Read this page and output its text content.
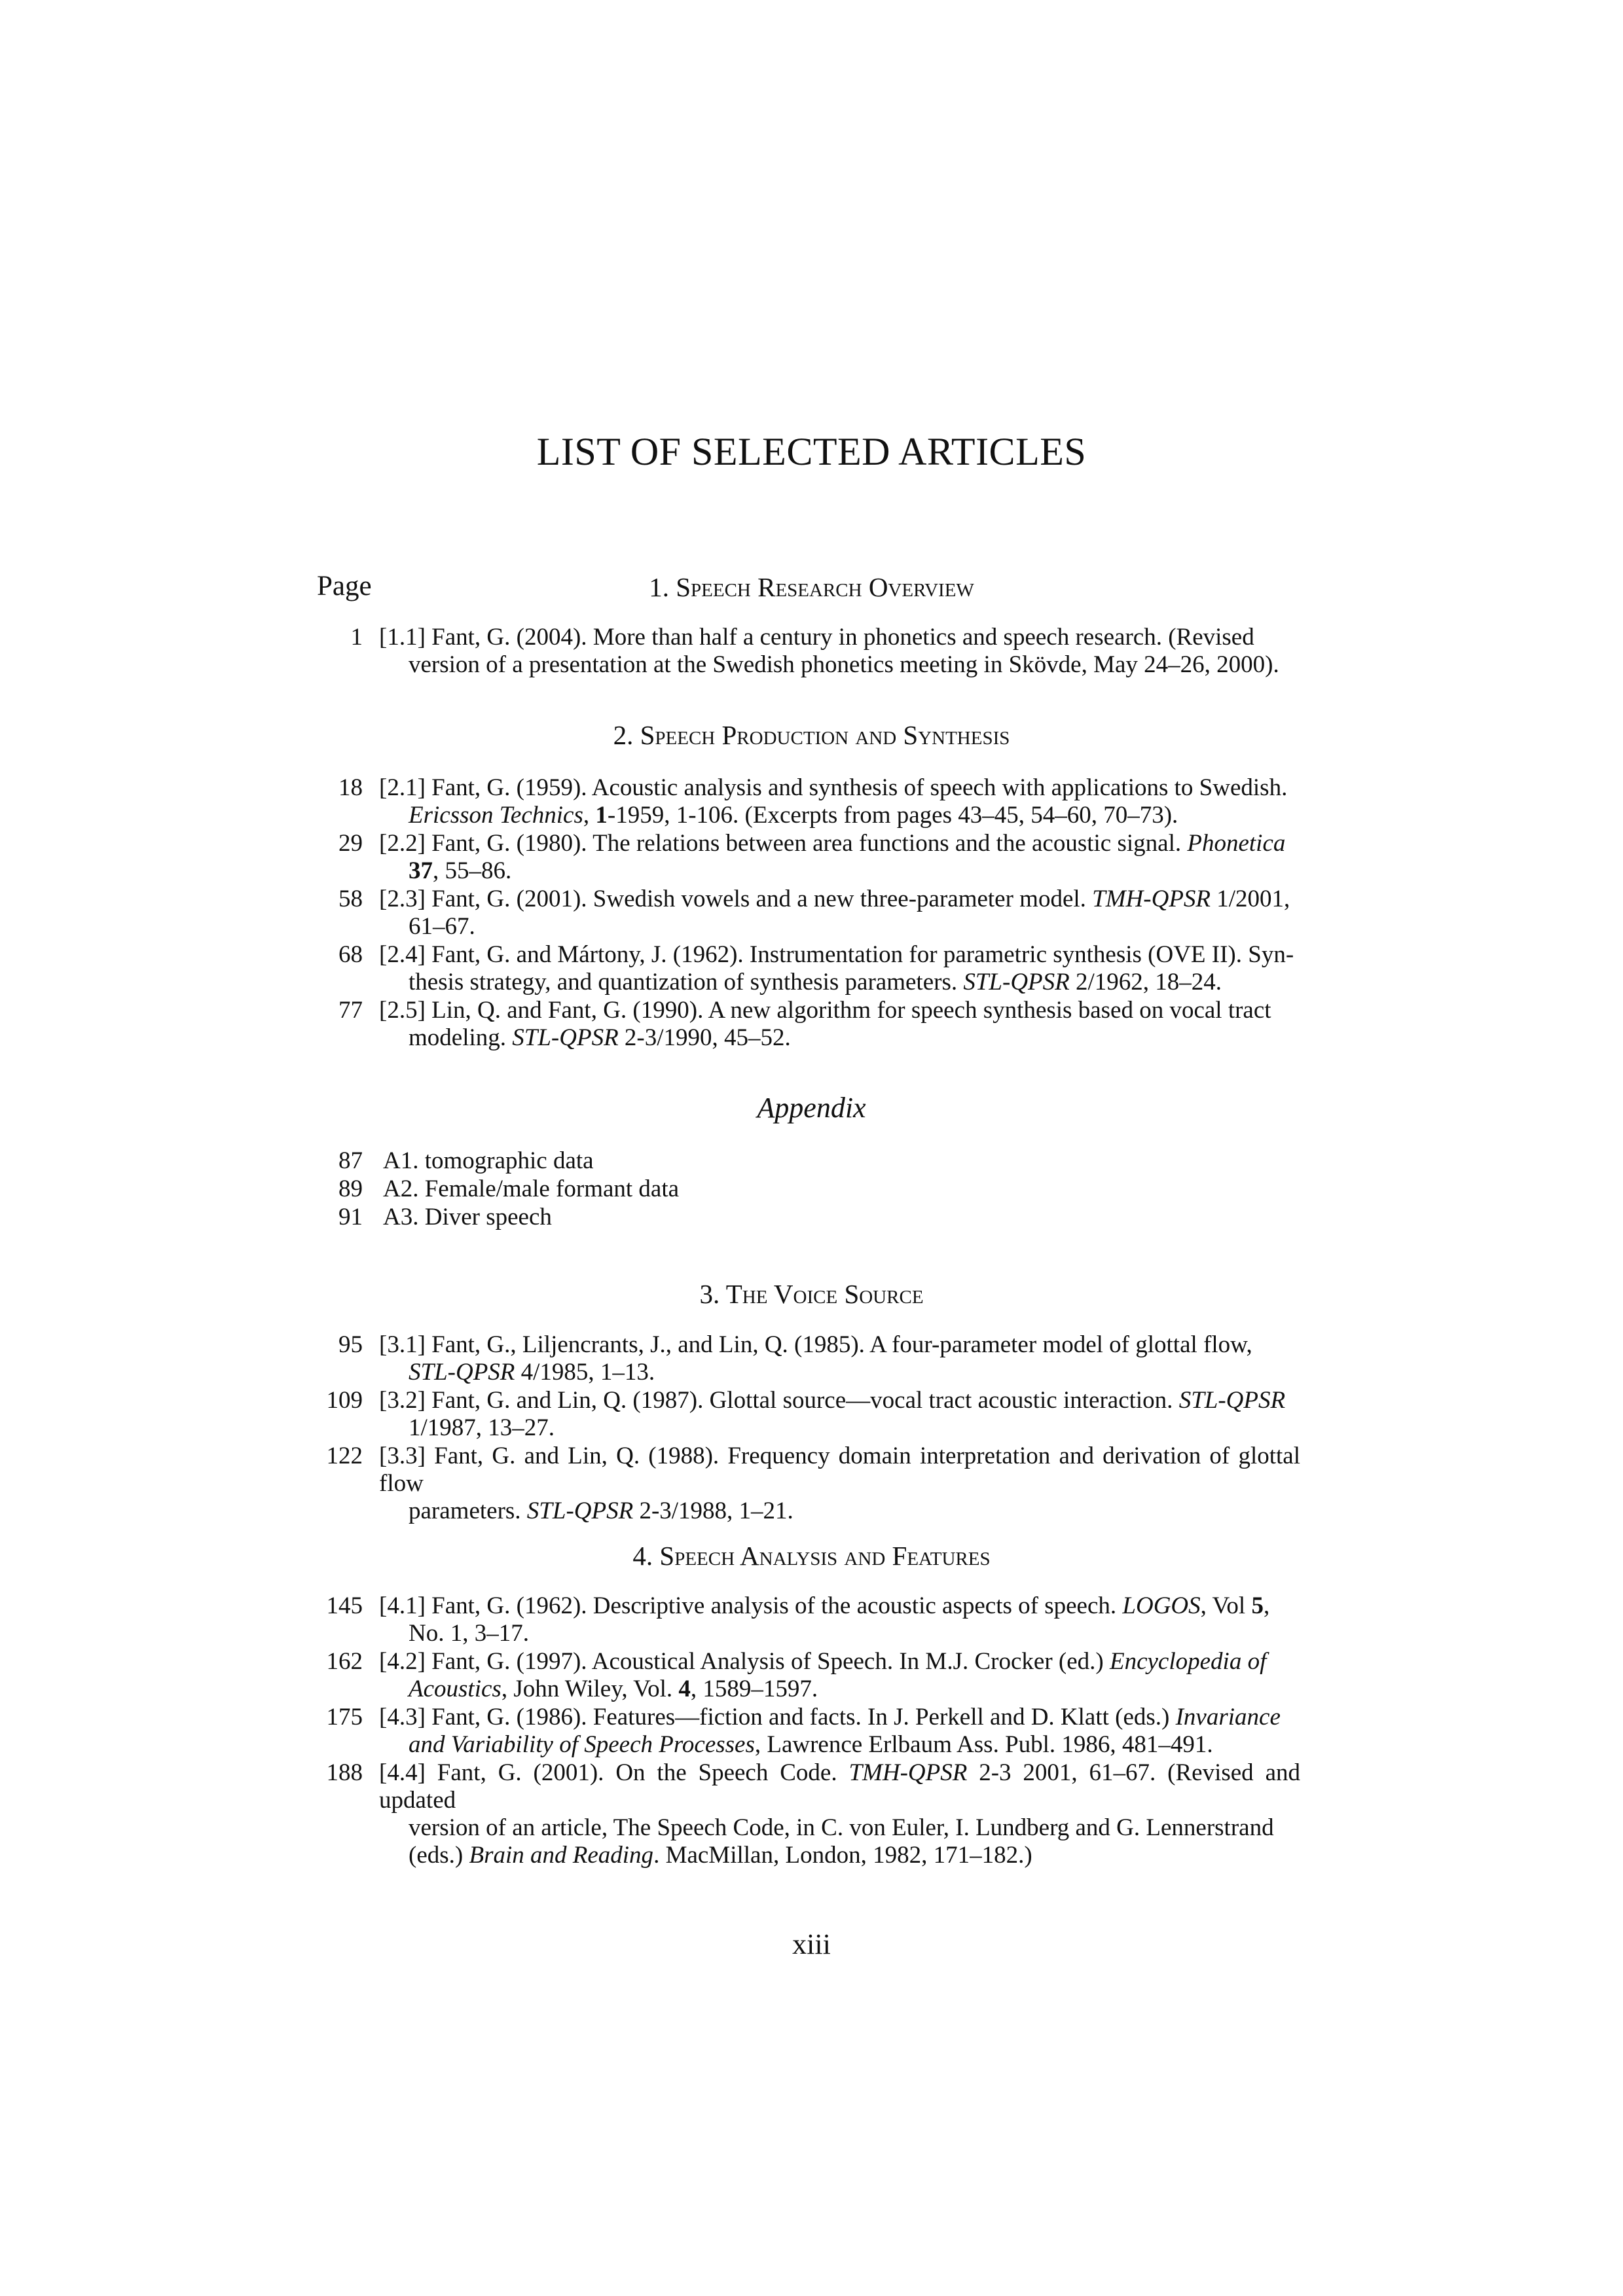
LIST OF SELECTED ARTICLES
Page	1. Speech Research Overview
1 [1.1] Fant, G. (2004). More than half a century in phonetics and speech research. (Revised
version of a presentation at the Swedish phonetics meeting in Skövde, May 24–26, 2000).
2. Speech Production and Synthesis
18 [2.1] Fant, G. (1959). Acoustic analysis and synthesis of speech with applications to Swedish.
Ericsson Technics, 1-1959, 1-106. (Excerpts from pages 43–45, 54–60, 70–73).
29 [2.2] Fant, G. (1980). The relations between area functions and the acoustic signal. Phonetica
37, 55–86.
58 [2.3] Fant, G. (2001). Swedish vowels and a new three-parameter model. TMH-QPSR 1/2001,
61–67.
68 [2.4] Fant, G. and Mártony, J. (1962). Instrumentation for parametric synthesis (OVE II). Syn-
thesis strategy, and quantization of synthesis parameters. STL-QPSR 2/1962, 18–24.
77 [2.5] Lin, Q. and Fant, G. (1990). A new algorithm for speech synthesis based on vocal tract
modeling. STL-QPSR 2-3/1990, 45–52.
Appendix
87 A1. tomographic data
89 A2. Female/male formant data
91 A3. Diver speech
3. The Voice Source
95 [3.1] Fant, G., Liljencrants, J., and Lin, Q. (1985). A four-parameter model of glottal flow,
STL-QPSR 4/1985, 1–13.
109 [3.2] Fant, G. and Lin, Q. (1987). Glottal source—vocal tract acoustic interaction. STL-QPSR
1/1987, 13–27.
122 [3.3] Fant, G. and Lin, Q. (1988). Frequency domain interpretation and derivation of glottal flow
parameters. STL-QPSR 2-3/1988, 1–21.
4. Speech Analysis and Features
145 [4.1] Fant, G. (1962). Descriptive analysis of the acoustic aspects of speech. LOGOS, Vol 5,
No. 1, 3–17.
162 [4.2] Fant, G. (1997). Acoustical Analysis of Speech. In M.J. Crocker (ed.) Encyclopedia of
Acoustics, John Wiley, Vol. 4, 1589–1597.
175 [4.3] Fant, G. (1986). Features—fiction and facts. In J. Perkell and D. Klatt (eds.) Invariance
and Variability of Speech Processes, Lawrence Erlbaum Ass. Publ. 1986, 481–491.
188 [4.4] Fant, G. (2001). On the Speech Code. TMH-QPSR 2-3 2001, 61–67. (Revised and updated
version of an article, The Speech Code, in C. von Euler, I. Lundberg and G. Lennerstrand
(eds.) Brain and Reading. MacMillan, London, 1982, 171–182.)
xiii
